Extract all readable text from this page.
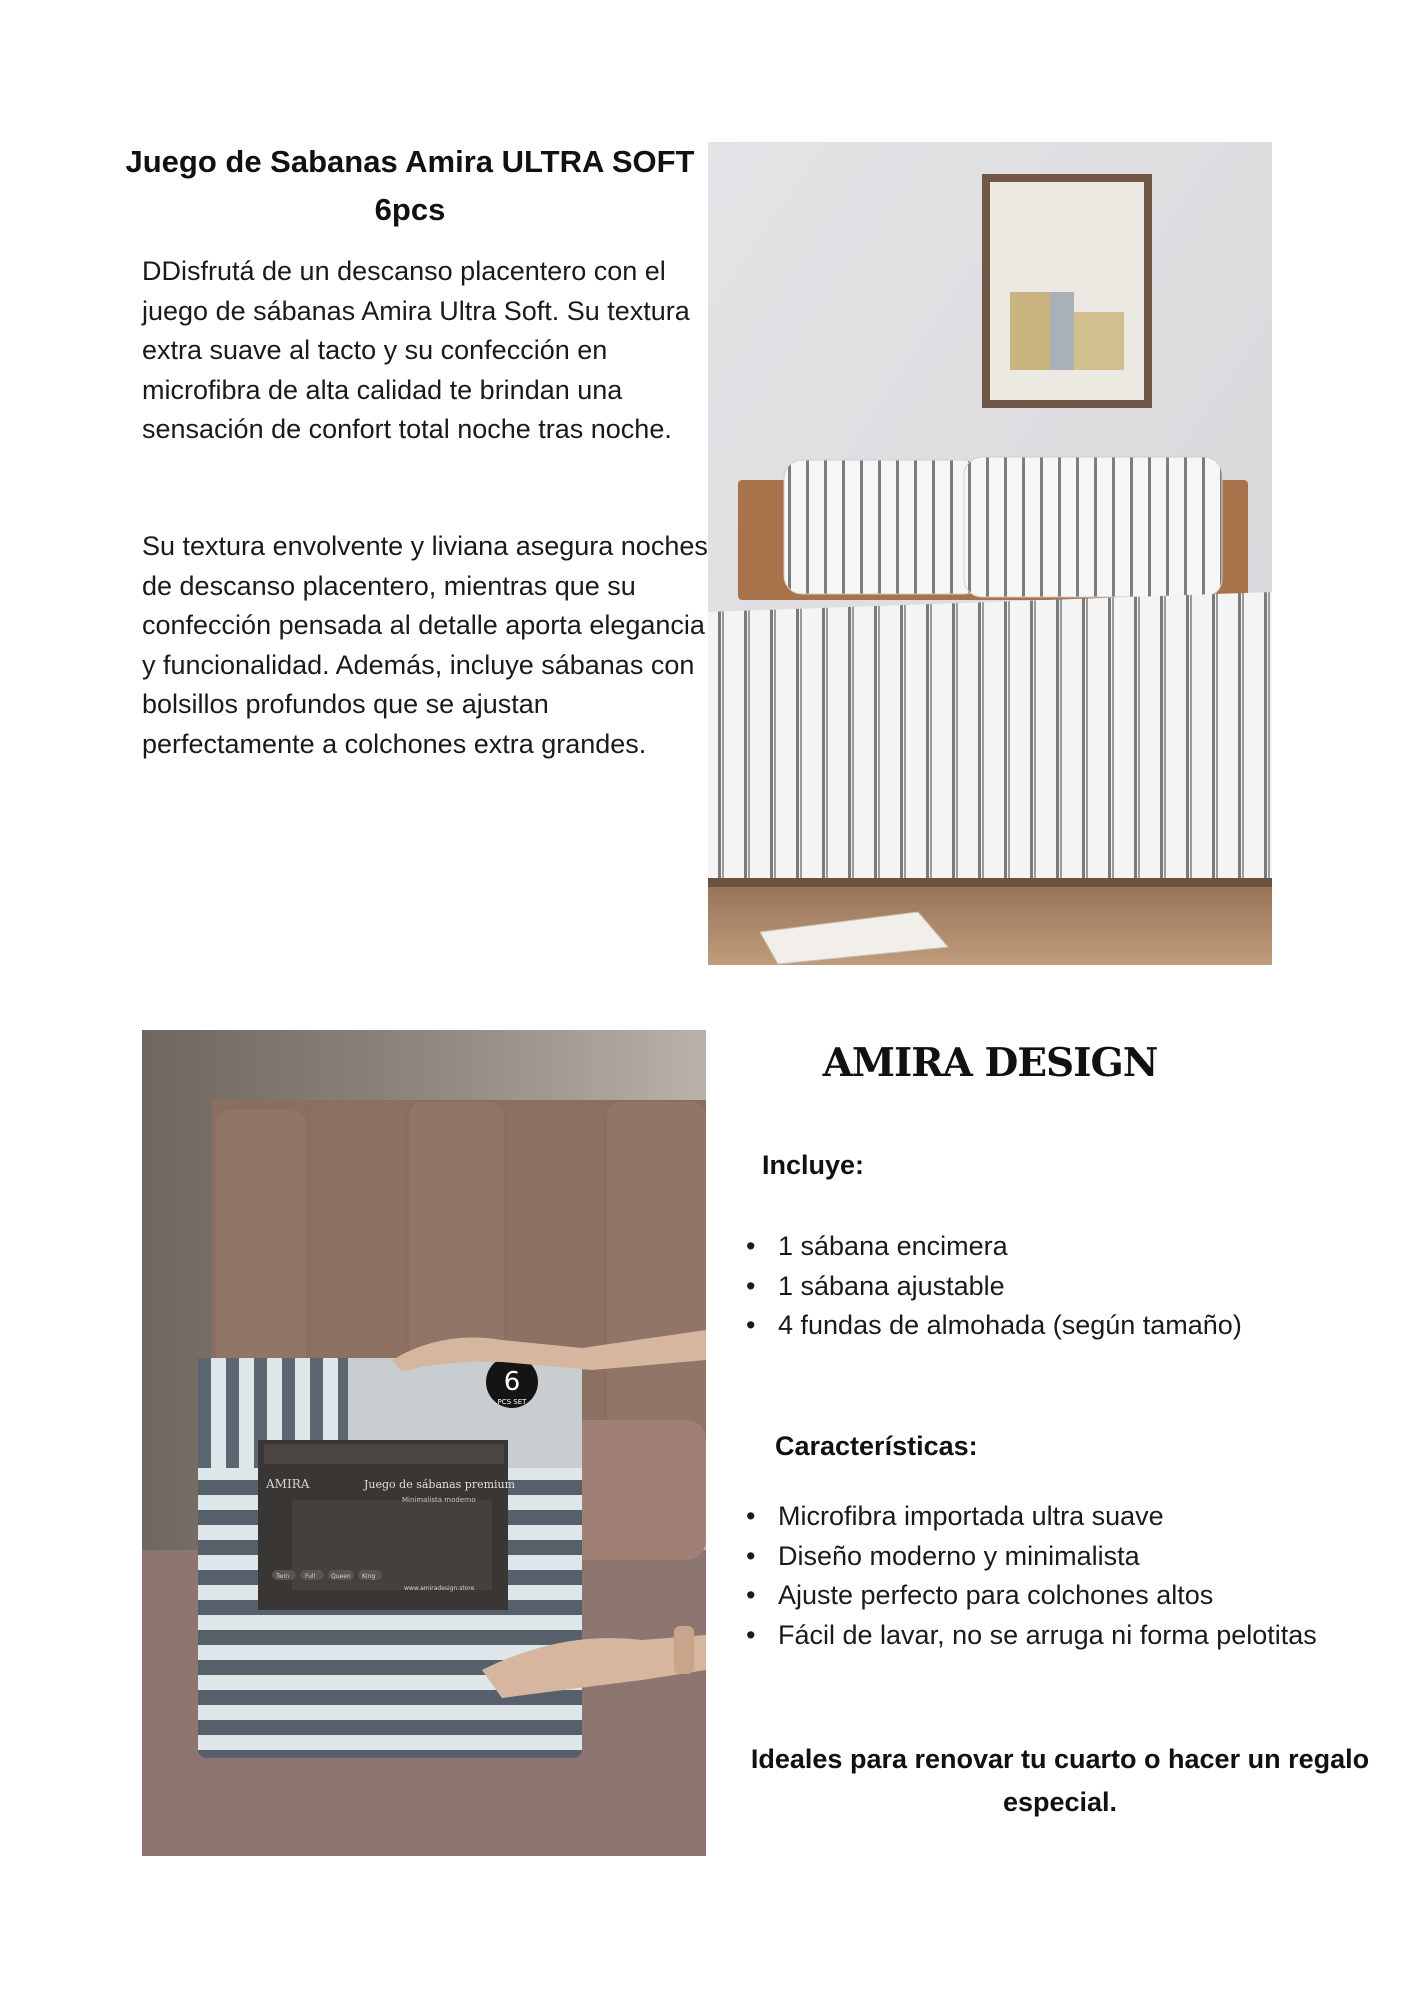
Juego de Sabanas Amira ULTRA SOFT 6pcs
DDisfrutá de un descanso placentero con el juego de sábanas Amira Ultra Soft. Su textura extra suave al tacto y su confección en microfibra de alta calidad te brindan una sensación de confort total noche tras noche.
Su textura envolvente y liviana asegura noches de descanso placentero, mientras que su confección pensada al detalle aporta elegancia y funcionalidad. Además, incluye sábanas con bolsillos profundos que se ajustan perfectamente a colchones extra grandes.
6
PCS SET
AMIRA	Juego de sábanas premium
Minimalista moderno
Twin	Full	Queen King
www.amiradesign.store
AMIRA DESIGN
Incluye:
• 1 sábana encimera
• 1 sábana ajustable
• 4 fundas de almohada (según tamaño)
Características:
• Microfibra importada ultra suave
• Diseño moderno y minimalista
• Ajuste perfecto para colchones altos
• Fácil de lavar, no se arruga ni forma pelotitas
Ideales para renovar tu cuarto o hacer un regalo especial.
